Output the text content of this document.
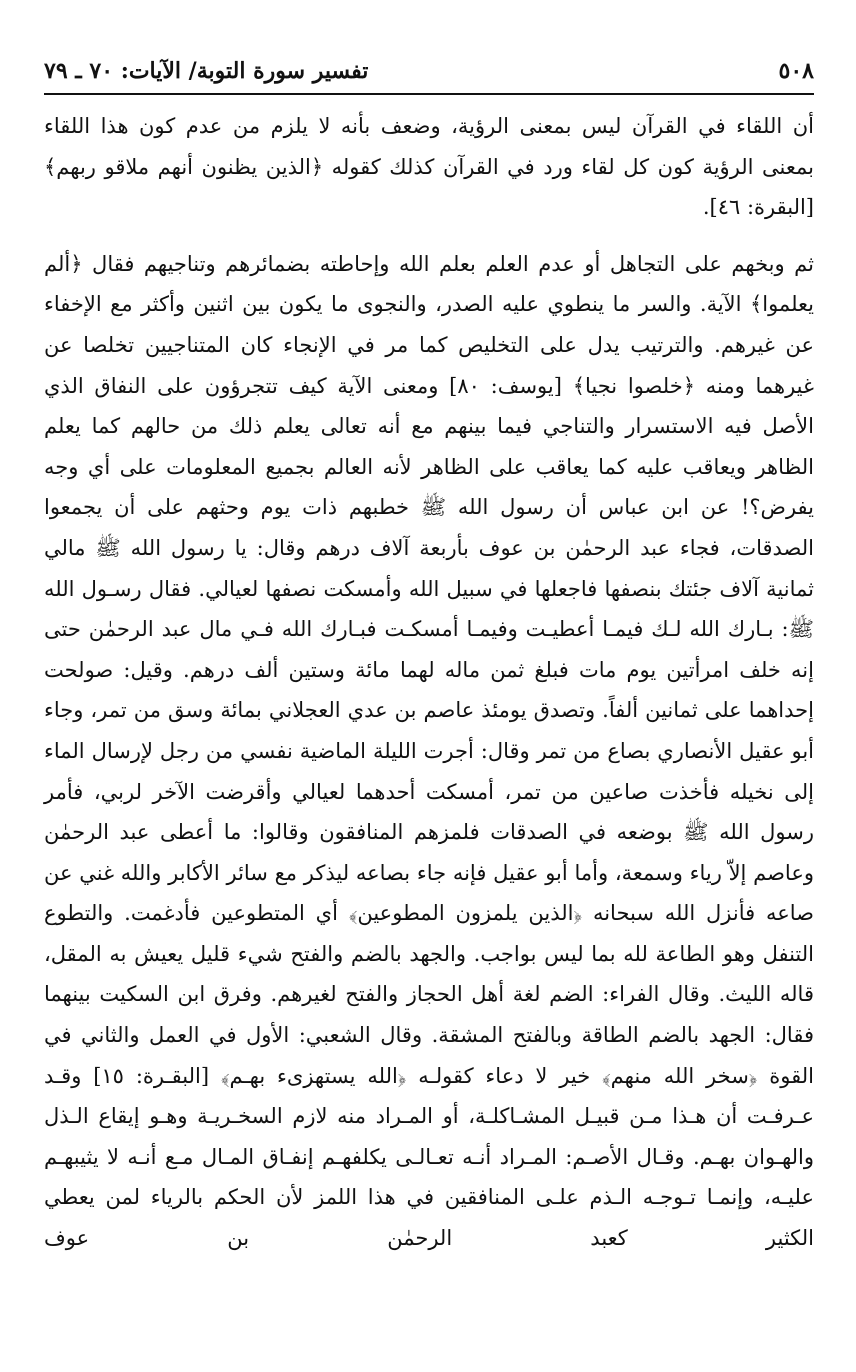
٥٠٨
تفسير سورة التوبة/ الآيات: ٧٠ ـ ٧٩

أن اللقاء في القرآن ليس بمعنى الرؤية، وضعف بأنه لا يلزم من عدم كون هذا اللقاء بمعنى الرؤية كون كل لقاء ورد في القرآن كذلك كقوله ﴿الذين يظنون أنهم ملاقو ربهم﴾ [البقرة: ٤٦].

ثم وبخهم على التجاهل أو عدم العلم بعلم الله وإحاطته بضمائرهم وتناجيهم فقال ﴿ألم يعلموا﴾ الآية. والسر ما ينطوي عليه الصدر، والنجوى ما يكون بين اثنين وأكثر مع الإخفاء عن غيرهم. والترتيب يدل على التخليص كما مر في الإنجاء كان المتناجيين تخلصا عن غيرهما ومنه ﴿خلصوا نجيا﴾ [يوسف: ٨٠] ومعنى الآية كيف تتجرؤون على النفاق الذي الأصل فيه الاستسرار والتناجي فيما بينهم مع أنه تعالى يعلم ذلك من حالهم كما يعلم الظاهر ويعاقب عليه كما يعاقب على الظاهر لأنه العالم بجميع المعلومات على أي وجه يفرض؟! عن ابن عباس أن رسول الله ﷺ خطبهم ذات يوم وحثهم على أن يجمعوا الصدقات، فجاء عبد الرحمٰن بن عوف بأربعة آلاف درهم وقال: يا رسول الله ﷺ مالي ثمانية آلاف جئتك بنصفها فاجعلها في سبيل الله وأمسكت نصفها لعيالي. فقال رسـول الله ﷺ: بـارك الله لـك فيمـا أعطيـت وفيمـا أمسكـت فبـارك الله فـي مال عبد الرحمٰن حتى إنه خلف امرأتين يوم مات فبلغ ثمن ماله لهما مائة وستين ألف درهم. وقيل: صولحت إحداهما على ثمانين ألفاً. وتصدق يومئذ عاصم بن عدي العجلاني بمائة وسق من تمر، وجاء أبو عقيل الأنصاري بصاع من تمر وقال: أجرت الليلة الماضية نفسي من رجل لإرسال الماء إلى نخيله فأخذت صاعين من تمر، أمسكت أحدهما لعيالي وأقرضت الآخر لربي، فأمر رسول الله ﷺ بوضعه في الصدقات فلمزهم المنافقون وقالوا: ما أعطى عبد الرحمٰن وعاصم إلاّ رياء وسمعة، وأما أبو عقيل فإنه جاء بصاعه ليذكر مع سائر الأكابر والله غني عن صاعه فأنزل الله سبحانه ﴿الذين يلمزون المطوعين﴾ أي المتطوعين فأدغمت. والتطوع التنفل وهو الطاعة لله بما ليس بواجب. والجهد بالضم والفتح شيء قليل يعيش به المقل، قاله الليث. وقال الفراء: الضم لغة أهل الحجاز والفتح لغيرهم. وفرق ابن السكيت بينهما فقال: الجهد بالضم الطاقة وبالفتح المشقة. وقال الشعبي: الأول في العمل والثاني في القوة ﴿سخر الله منهم﴾ خير لا دعاء كقولـه ﴿الله يستهزىء بهـم﴾ [البقـرة: ١٥] وقـد عـرفـت أن هـذا مـن قبيـل المشـاكلـة، أو المـراد منه لازم السخـريـة وهـو إيقاع الـذل والهـوان بهـم. وقـال الأصـم: المـراد أنـه تعـالـى يكلفهـم إنفـاق المـال مـع أنـه لا يثيبهـم عليـه، وإنمـا تـوجـه الـذم علـى المنافقين في هذا اللمز لأن الحكم بالرياء لمن يعطي الكثير كعبد الرحمٰن بن عوف
